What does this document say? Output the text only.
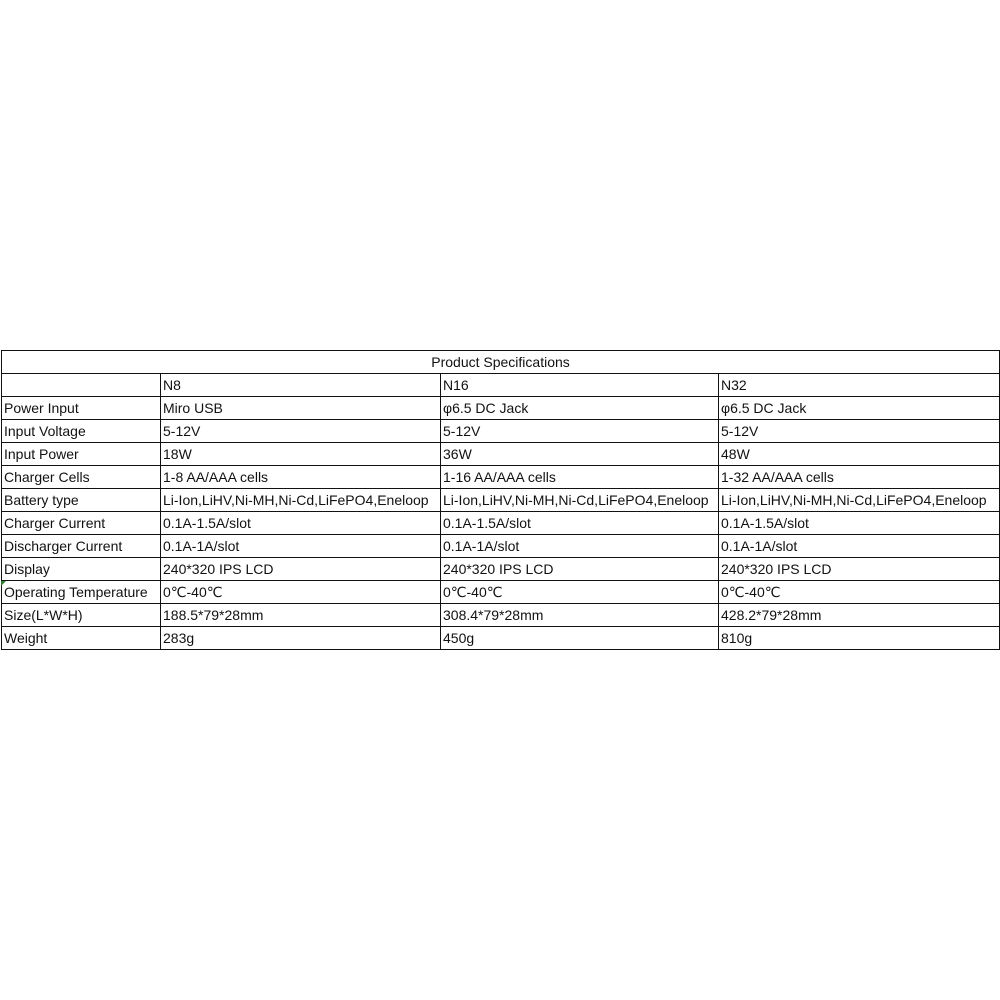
Product Specifications			
	N8	N16	N32
Power Input	Miro USB	φ6.5 DC Jack	φ6.5 DC Jack
Input Voltage	5-12V	5-12V	5-12V
Input Power	18W	36W	48W
Charger Cells	1-8 AA/AAA cells	1-16 AA/AAA cells	1-32 AA/AAA cells
Battery type	Li-Ion,LiHV,Ni-MH,Ni-Cd,LiFePO4,Eneloop	Li-Ion,LiHV,Ni-MH,Ni-Cd,LiFePO4,Eneloop	Li-Ion,LiHV,Ni-MH,Ni-Cd,LiFePO4,Eneloop
Charger Current	0.1A-1.5A/slot	0.1A-1.5A/slot	0.1A-1.5A/slot
Discharger Current	0.1A-1A/slot	0.1A-1A/slot	0.1A-1A/slot
Display	240*320 IPS LCD	240*320 IPS LCD	240*320 IPS LCD
Operating Temperature	0℃-40℃	0℃-40℃	0℃-40℃
Size(L*W*H)	188.5*79*28mm	308.4*79*28mm	428.2*79*28mm
Weight	283g	450g	810g
